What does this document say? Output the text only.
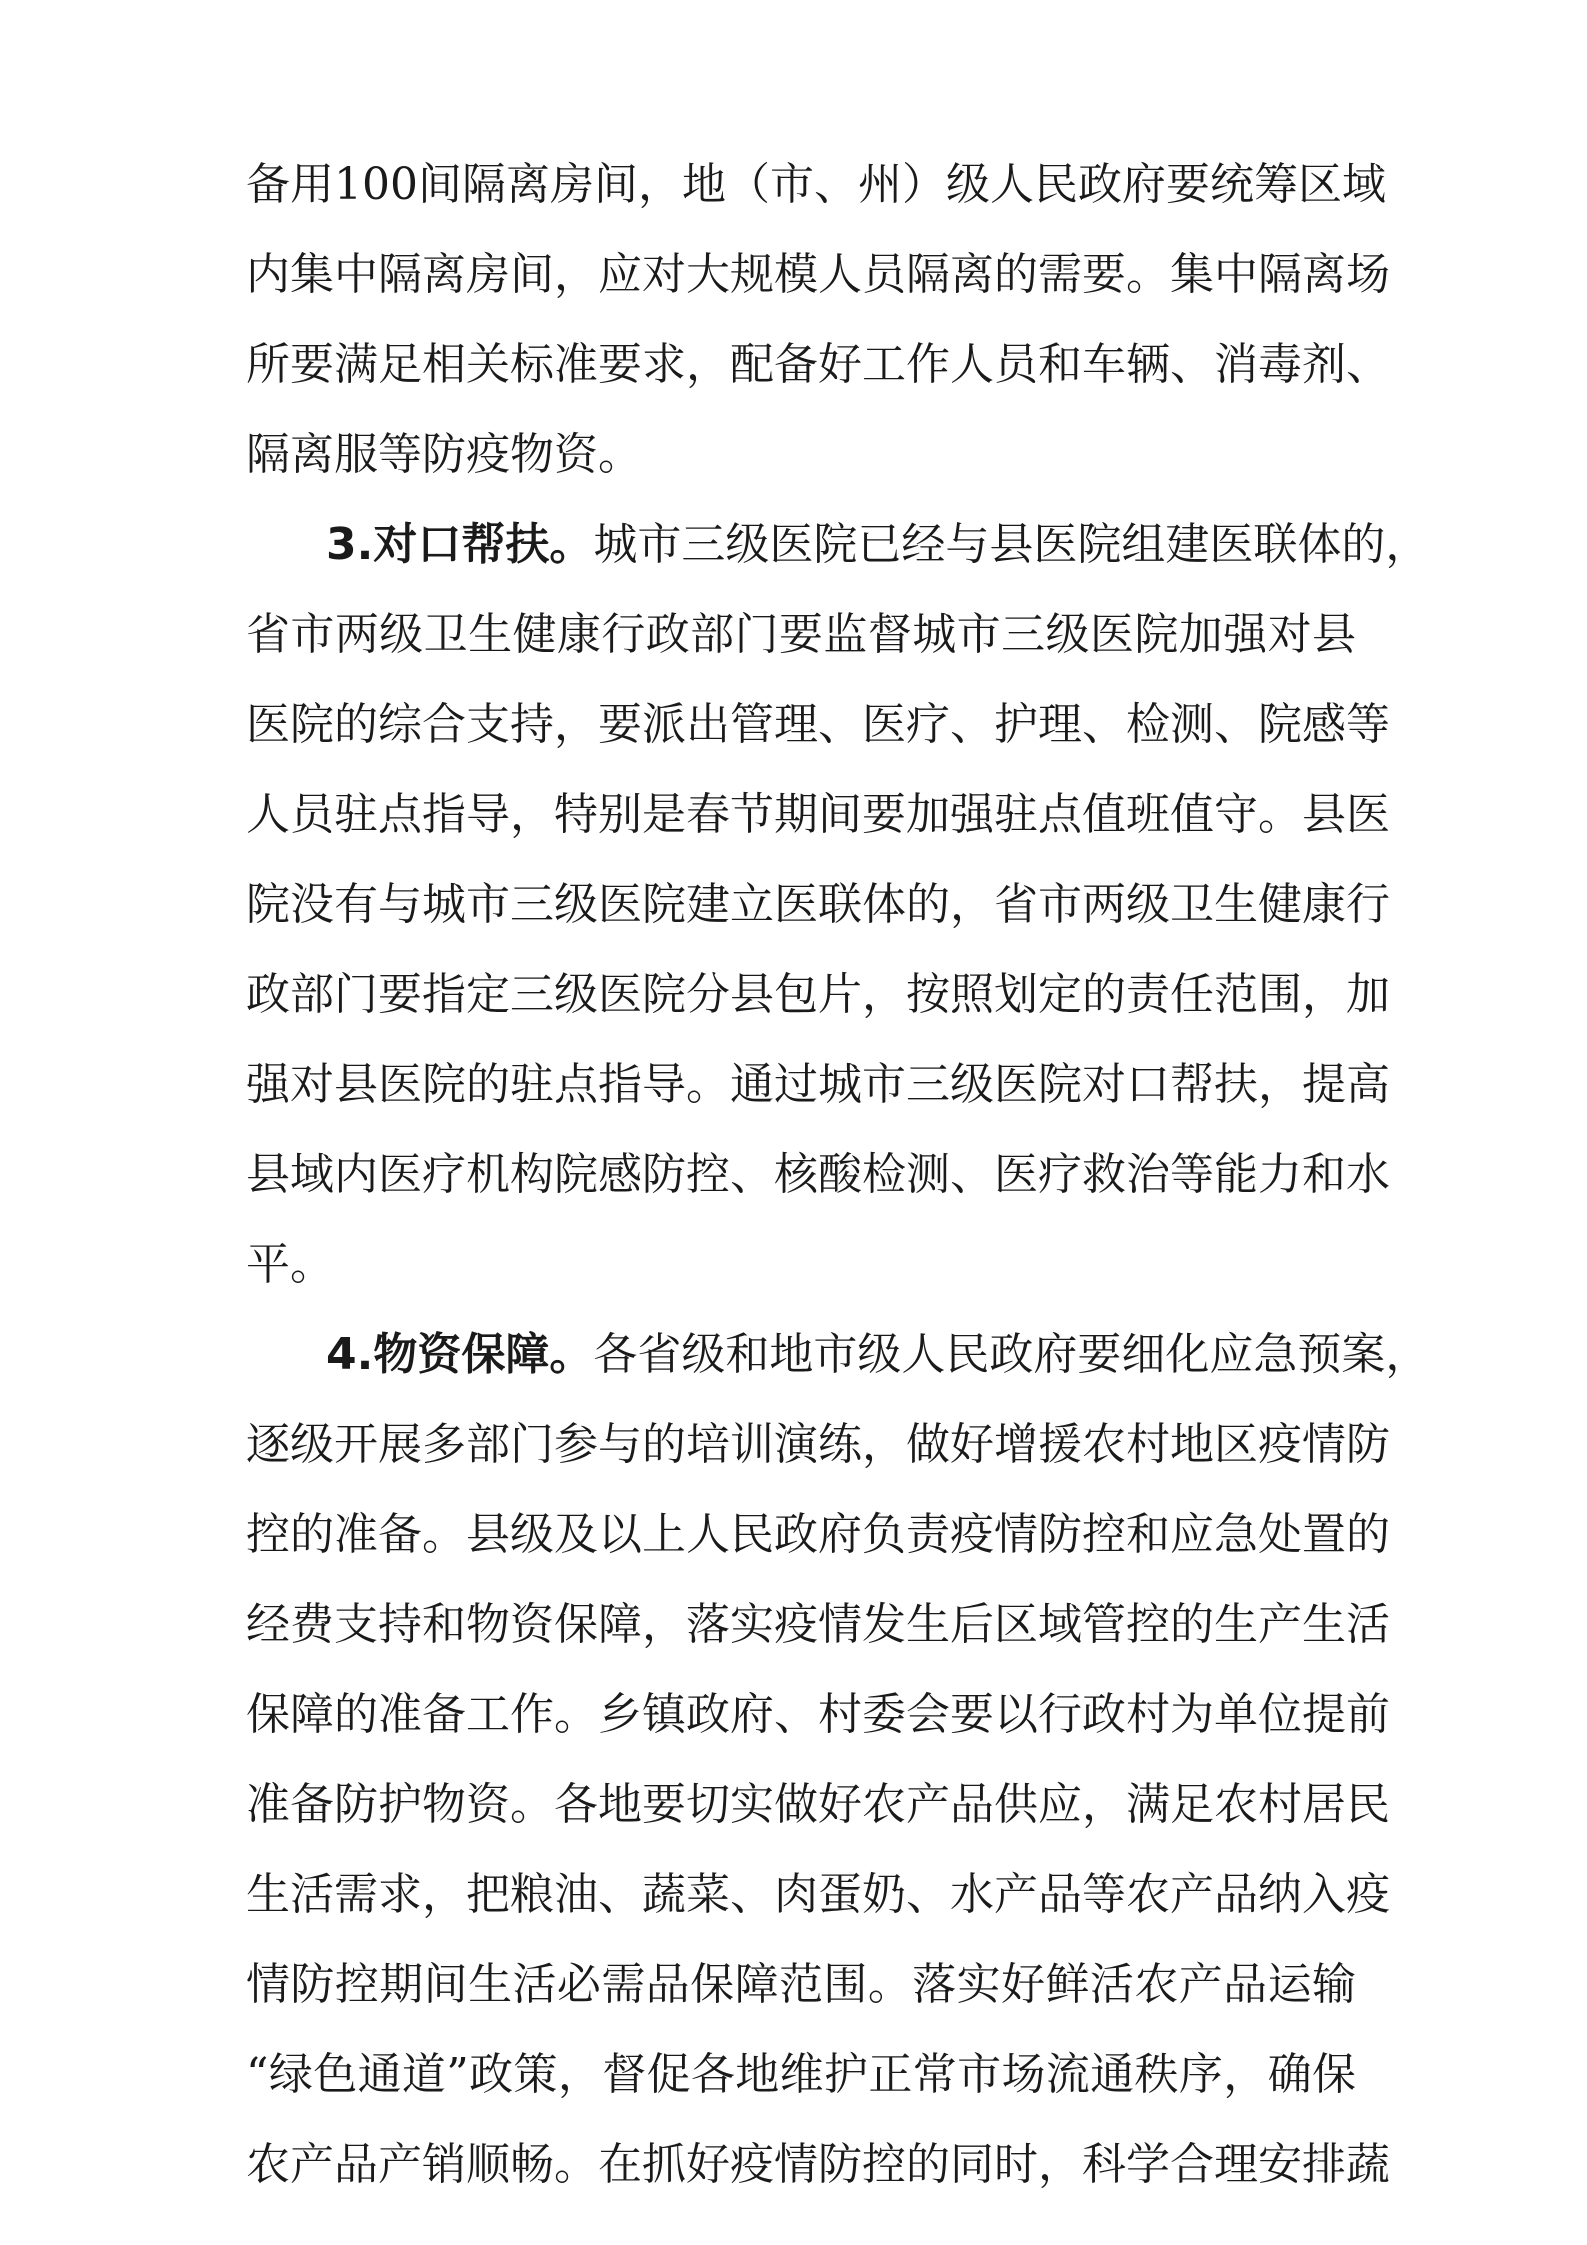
备用100间隔离房间，地（市、州）级人民政府要统筹区域
内集中隔离房间，应对大规模人员隔离的需要。集中隔离场
所要满足相关标准要求，配备好工作人员和车辆、消毒剂、
隔离服等防疫物资。
3.对口帮扶。城市三级医院已经与县医院组建医联体的，
省市两级卫生健康行政部门要监督城市三级医院加强对县
医院的综合支持，要派出管理、医疗、护理、检测、院感等
人员驻点指导，特别是春节期间要加强驻点值班值守。县医
院没有与城市三级医院建立医联体的，省市两级卫生健康行
政部门要指定三级医院分县包片，按照划定的责任范围，加
强对县医院的驻点指导。通过城市三级医院对口帮扶，提高
县域内医疗机构院感防控、核酸检测、医疗救治等能力和水
平。
4.物资保障。各省级和地市级人民政府要细化应急预案，
逐级开展多部门参与的培训演练，做好增援农村地区疫情防
控的准备。县级及以上人民政府负责疫情防控和应急处置的
经费支持和物资保障，落实疫情发生后区域管控的生产生活
保障的准备工作。乡镇政府、村委会要以行政村为单位提前
准备防护物资。各地要切实做好农产品供应，满足农村居民
生活需求，把粮油、蔬菜、肉蛋奶、水产品等农产品纳入疫
情防控期间生活必需品保障范围。落实好鲜活农产品运输
“绿色通道”政策，督促各地维护正常市场流通秩序，确保
农产品产销顺畅。在抓好疫情防控的同时，科学合理安排蔬
